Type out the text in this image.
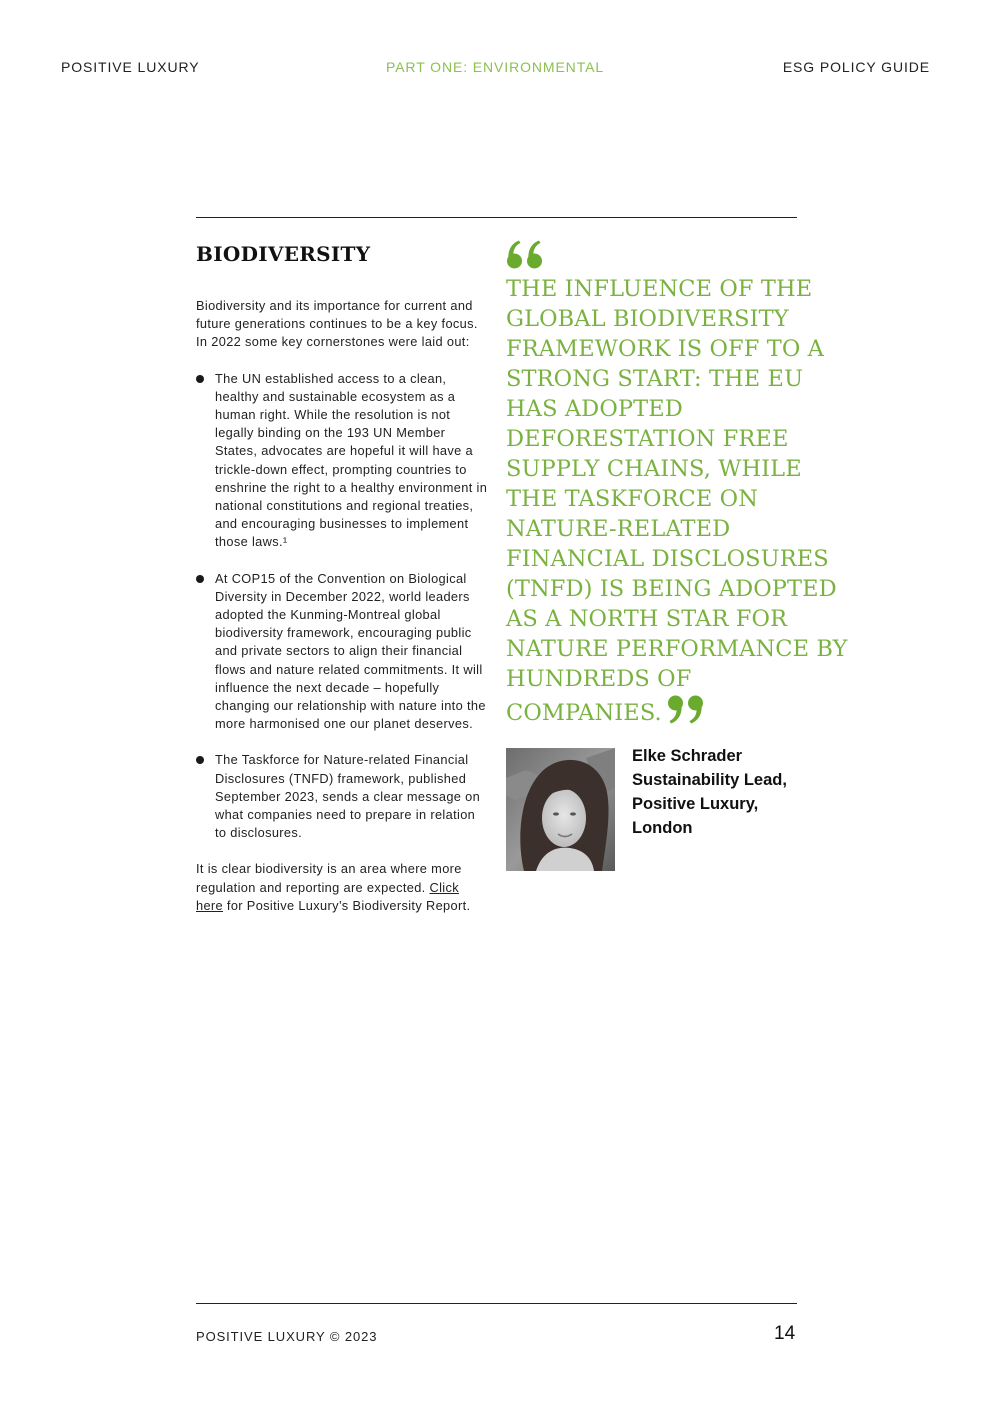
POSITIVE LUXURY	PART ONE: ENVIRONMENTAL	ESG POLICY GUIDE
BIODIVERSITY

Biodiversity and its importance for current and future generations continues to be a key focus. In 2022 some key cornerstones were laid out:

The UN established access to a clean, healthy and sustainable ecosystem as a human right. While the resolution is not legally binding on the 193 UN Member States, advocates are hopeful it will have a trickle-down effect, prompting countries to enshrine the right to a healthy environment in national constitutions and regional treaties, and encouraging businesses to implement those laws.¹
At COP15 of the Convention on Biological Diversity in December 2022, world leaders adopted the Kunming-Montreal global biodiversity framework, encouraging public and private sectors to align their financial flows and nature related commitments. It will influence the next decade – hopefully changing our relationship with nature into the more harmonised one our planet deserves.
The Taskforce for Nature-related Financial Disclosures (TNFD) framework, published September 2023, sends a clear message on what companies need to prepare in relation to disclosures.

It is clear biodiversity is an area where more regulation and reporting are expected. Click here for Positive Luxury’s Biodiversity Report.

THE INFLUENCE OF THE GLOBAL BIODIVERSITY FRAMEWORK IS OFF TO A STRONG START: THE EU HAS ADOPTED DEFORESTATION FREE SUPPLY CHAINS, WHILE THE TASKFORCE ON NATURE-RELATED FINANCIAL DISCLOSURES (TNFD) IS BEING ADOPTED AS A NORTH STAR FOR NATURE PERFORMANCE BY HUNDREDS OF COMPANIES.

Elke Schrader
Sustainability Lead,
Positive Luxury,
London
POSITIVE LUXURY © 2023	14
